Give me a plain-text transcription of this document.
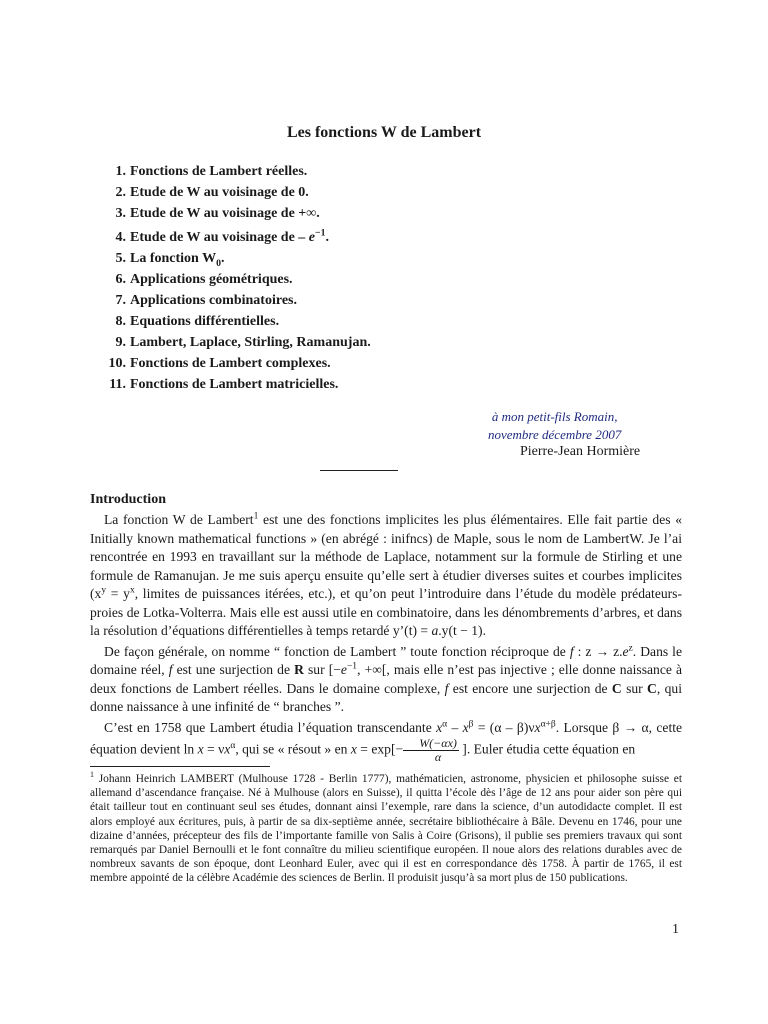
Les fonctions W de Lambert
1. Fonctions de Lambert réelles.
2. Etude de W au voisinage de 0.
3. Etude de W au voisinage de +∞.
4. Etude de W au voisinage de – $e^{-1}$.
5. La fonction $W_0$.
6. Applications géométriques.
7. Applications combinatoires.
8. Equations différentielles.
9. Lambert, Laplace, Stirling, Ramanujan.
10. Fonctions de Lambert complexes.
11. Fonctions de Lambert matricielles.
à mon petit-fils Romain,
novembre décembre 2007
Pierre-Jean Hormière
Introduction

La fonction W de Lambert$^1$ est une des fonctions implicites les plus élémentaires. Elle fait partie des « Initially known mathematical functions » (en abrégé : inifncs) de Maple, sous le nom de LambertW. Je l’ai rencontrée en 1993 en travaillant sur la méthode de Laplace, notamment sur la formule de Stirling et une formule de Ramanujan. Je me suis aperçu ensuite qu’elle sert à étudier diverses suites et courbes implicites ($x^y = y^x$, limites de puissances itérées, etc.), et qu’on peut l’introduire dans l’étude du modèle prédateurs-proies de Lotka-Volterra. Mais elle est aussi utile en combinatoire, dans les dénombrements d’arbres, et dans la résolution d’équations différentielles à temps retardé y’(t) = a.y(t − 1).

De façon générale, on nomme “ fonction de Lambert ” toute fonction réciproque de f : $z \to z.e^z$. Dans le domaine réel, f est une surjection de R sur [$-e^{-1}$, +∞[, mais elle n’est pas injective ; elle donne naissance à deux fonctions de Lambert réelles. Dans le domaine complexe, f est encore une surjection de C sur C, qui donne naissance à une infinité de “ branches ”.

C’est en 1758 que Lambert étudia l’équation transcendante $x^\alpha - x^\beta = (\alpha - \beta)\nu x^{\alpha+\beta}$. Lorsque β → α, cette équation devient $\ln x = \nu x^\alpha$, qui se « résout » en $x = \exp[- \frac{W(-\alpha x)}{\alpha}$ ]. Euler étudia cette équation en

$^1$ Johann Heinrich LAMBERT (Mulhouse 1728 - Berlin 1777), mathématicien, astronome, physicien et philosophe suisse et allemand d’ascendance française. Né à Mulhouse (alors en Suisse), il quitta l’école dès l’âge de 12 ans pour aider son père qui était tailleur tout en continuant seul ses études, donnant ainsi l’exemple, rare dans la science, d’un autodidacte complet. Il est alors employé aux écritures, puis, à partir de sa dix-septième année, secrétaire bibliothécaire à Bâle. Devenu en 1746, pour une dizaine d’années, précepteur des fils de l’importante famille von Salis à Coire (Grisons), il publie ses premiers travaux qui sont remarqués par Daniel Bernoulli et le font connaître du milieu scientifique européen. Il noue alors des relations durables avec de nombreux savants de son époque, dont Leonhard Euler, avec qui il est en correspondance dès 1758. À partir de 1765, il est membre appointé de la célèbre Académie des sciences de Berlin. Il produisit jusqu’à sa mort plus de 150 publications.

1
